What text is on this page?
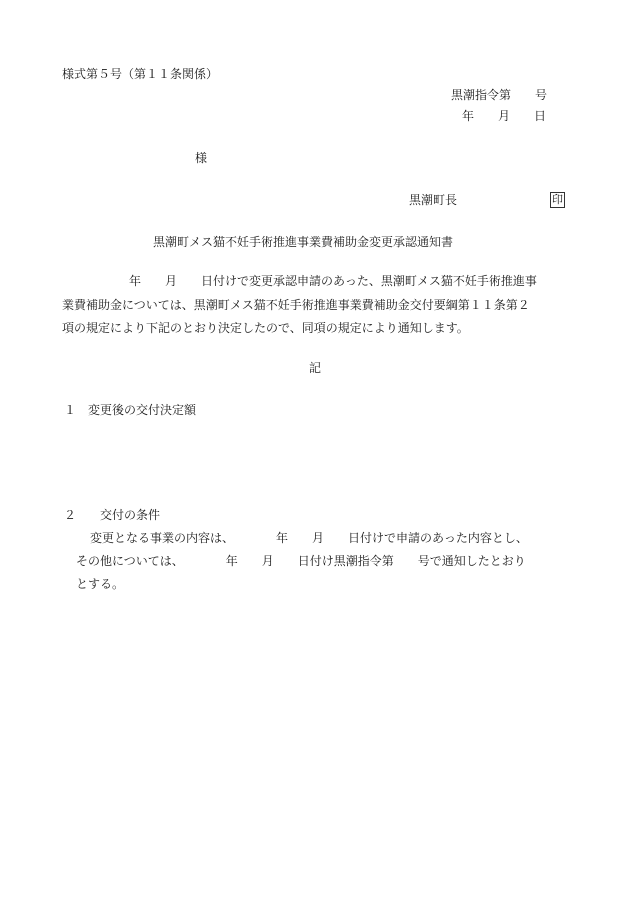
様式第５号（第１１条関係）
黒潮指令第　　号
年　　月　　日
様
黒潮町長	印
黒潮町メス猫不妊手術推進事業費補助金変更承認通知書
年　　月　　日付けで変更承認申請のあった、黒潮町メス猫不妊手術推進事
業費補助金については、黒潮町メス猫不妊手術推進事業費補助金交付要綱第１１条第２
項の規定により下記のとおり決定したので、同項の規定により通知します。
記
１　変更後の交付決定額
２　　交付の条件
変更となる事業の内容は、　　　　年　　月　　日付けで申請のあった内容とし、
その他については、　　　　年　　月　　日付け黒潮指令第　　号で通知したとおり
とする。
